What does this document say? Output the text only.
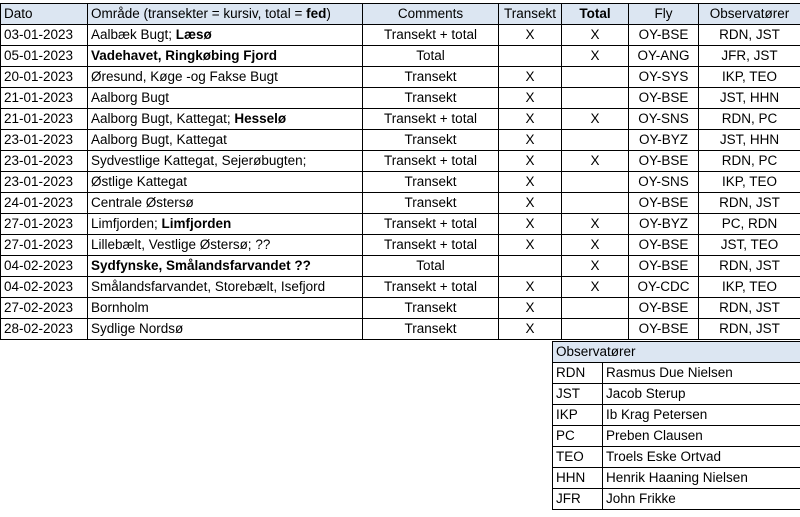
Dato	Område (transekter = kursiv, total = fed)	Comments	Transekt	Total	Fly	Observatører
03-01-2023	Aalbæk Bugt; Læsø	Transekt + total	X	X	OY-BSE	RDN, JST
05-01-2023	Vadehavet, Ringkøbing Fjord	Total		X	OY-ANG	JFR, JST
20-01-2023	Øresund, Køge -og Fakse Bugt	Transekt	X		OY-SYS	IKP, TEO
21-01-2023	Aalborg Bugt	Transekt	X		OY-BSE	JST, HHN
21-01-2023	Aalborg Bugt, Kattegat; Hesselø	Transekt + total	X	X	OY-SNS	RDN, PC
23-01-2023	Aalborg Bugt, Kattegat	Transekt	X		OY-BYZ	JST, HHN
23-01-2023	Sydvestlige Kattegat, Sejerøbugten;	Transekt + total	X	X	OY-BSE	RDN, PC
23-01-2023	Østlige Kattegat	Transekt	X		OY-SNS	IKP, TEO
24-01-2023	Centrale Østersø	Transekt	X		OY-BSE	RDN, JST
27-01-2023	Limfjorden; Limfjorden	Transekt + total	X	X	OY-BYZ	PC, RDN
27-01-2023	Lillebælt, Vestlige Østersø; ??	Transekt + total	X	X	OY-BSE	JST, TEO
04-02-2023	Sydfynske, Smålandsfarvandet ??	Total		X	OY-BSE	RDN, JST
04-02-2023	Smålandsfarvandet, Storebælt, Isefjord	Transekt + total	X	X	OY-CDC	IKP, TEO
27-02-2023	Bornholm	Transekt	X		OY-BSE	RDN, JST
28-02-2023	Sydlige Nordsø	Transekt	X		OY-BSE	RDN, JST
Observatører	
RDN	Rasmus Due Nielsen
JST	Jacob Sterup
IKP	Ib Krag Petersen
PC	Preben Clausen
TEO	Troels Eske Ortvad
HHN	Henrik Haaning Nielsen
JFR	John Frikke
